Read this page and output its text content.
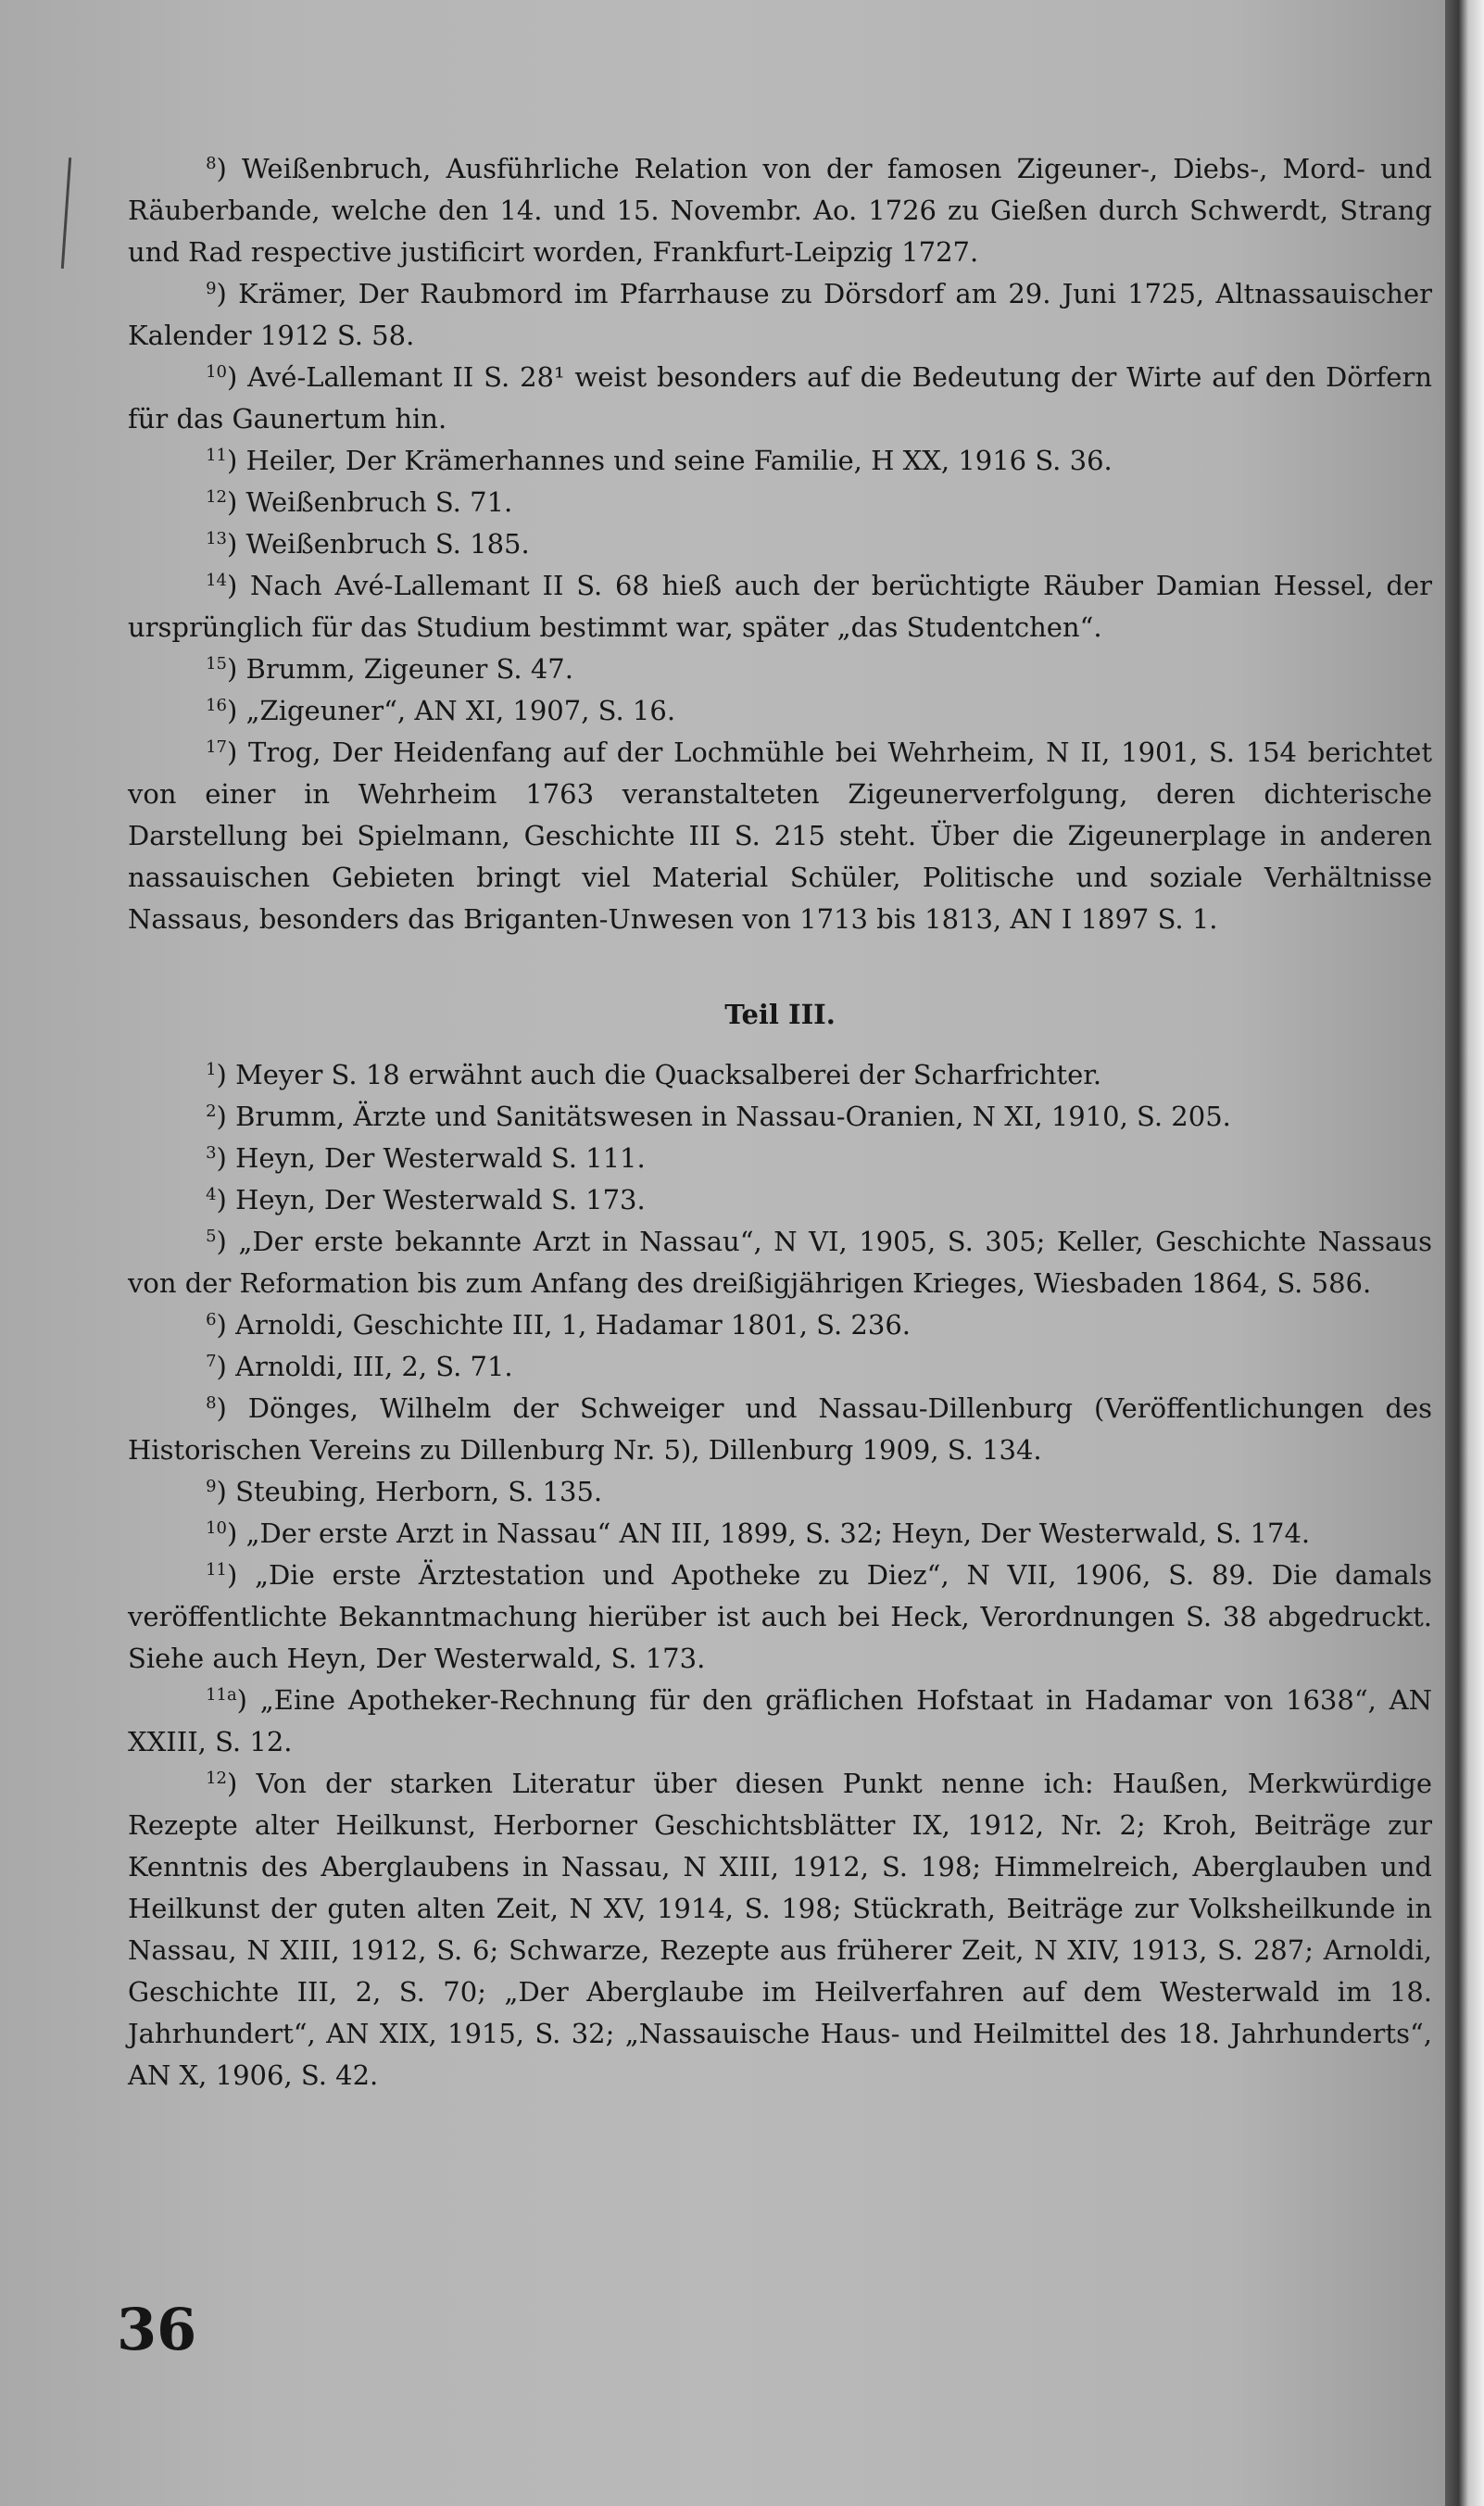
$^8$) Weißenbruch, Ausführliche Relation von der famosen Zigeuner-, Diebs-, Mord- und Räuberbande, welche den 14. und 15. Novembr. Ao. 1726 zu Gießen durch Schwerdt, Strang und Rad respective justificirt worden, Frankfurt-Leipzig 1727.

$^9$) Krämer, Der Raubmord im Pfarrhause zu Dörsdorf am 29. Juni 1725, Altnassauischer Kalender 1912 S. 58.

$^{10}$) Avé-Lallemant II S. 28¹ weist besonders auf die Bedeutung der Wirte auf den Dörfern für das Gaunertum hin.

$^{11}$) Heiler, Der Krämerhannes und seine Familie, H XX, 1916 S. 36.

$^{12}$) Weißenbruch S. 71.

$^{13}$) Weißenbruch S. 185.

$^{14}$) Nach Avé-Lallemant II S. 68 hieß auch der berüchtigte Räuber Damian Hessel, der ursprünglich für das Studium bestimmt war, später „das Studentchen“.

$^{15}$) Brumm, Zigeuner S. 47.

$^{16}$) „Zigeuner“, AN XI, 1907, S. 16.

$^{17}$) Trog, Der Heidenfang auf der Lochmühle bei Wehrheim, N II, 1901, S. 154 berichtet von einer in Wehrheim 1763 veranstalteten Zigeunerverfolgung, deren dichterische Darstellung bei Spielmann, Geschichte III S. 215 steht. Über die Zigeunerplage in anderen nassauischen Gebieten bringt viel Material Schüler, Politische und soziale Verhältnisse Nassaus, besonders das Briganten-Unwesen von 1713 bis 1813, AN I 1897 S. 1.

Teil III.

$^1$) Meyer S. 18 erwähnt auch die Quacksalberei der Scharfrichter.

$^2$) Brumm, Ärzte und Sanitätswesen in Nassau-Oranien, N XI, 1910, S. 205.

$^3$) Heyn, Der Westerwald S. 111.

$^4$) Heyn, Der Westerwald S. 173.

$^5$) „Der erste bekannte Arzt in Nassau“, N VI, 1905, S. 305; Keller, Geschichte Nassaus von der Reformation bis zum Anfang des dreißigjährigen Krieges, Wiesbaden 1864, S. 586.

$^6$) Arnoldi, Geschichte III, 1, Hadamar 1801, S. 236.

$^7$) Arnoldi, III, 2, S. 71.

$^8$) Dönges, Wilhelm der Schweiger und Nassau-Dillenburg (Veröffentlichungen des Historischen Vereins zu Dillenburg Nr. 5), Dillenburg 1909, S. 134.

$^9$) Steubing, Herborn, S. 135.

$^{10}$) „Der erste Arzt in Nassau“ AN III, 1899, S. 32; Heyn, Der Westerwald, S. 174.

$^{11}$) „Die erste Ärztestation und Apotheke zu Diez“, N VII, 1906, S. 89. Die damals veröffentlichte Bekanntmachung hierüber ist auch bei Heck, Verordnungen S. 38 abgedruckt. Siehe auch Heyn, Der Westerwald, S. 173.

$^{11a}$) „Eine Apotheker-Rechnung für den gräflichen Hofstaat in Hadamar von 1638“, AN XXIII, S. 12.

$^{12}$) Von der starken Literatur über diesen Punkt nenne ich: Haußen, Merkwürdige Rezepte alter Heilkunst, Herborner Geschichtsblätter IX, 1912, Nr. 2; Kroh, Beiträge zur Kenntnis des Aberglaubens in Nassau, N XIII, 1912, S. 198; Himmelreich, Aberglauben und Heilkunst der guten alten Zeit, N XV, 1914, S. 198; Stückrath, Beiträge zur Volksheilkunde in Nassau, N XIII, 1912, S. 6; Schwarze, Rezepte aus früherer Zeit, N XIV, 1913, S. 287; Arnoldi, Geschichte III, 2, S. 70; „Der Aberglaube im Heilverfahren auf dem Westerwald im 18. Jahrhundert“, AN XIX, 1915, S. 32; „Nassauische Haus- und Heilmittel des 18. Jahrhunderts“, AN X, 1906, S. 42.

36
